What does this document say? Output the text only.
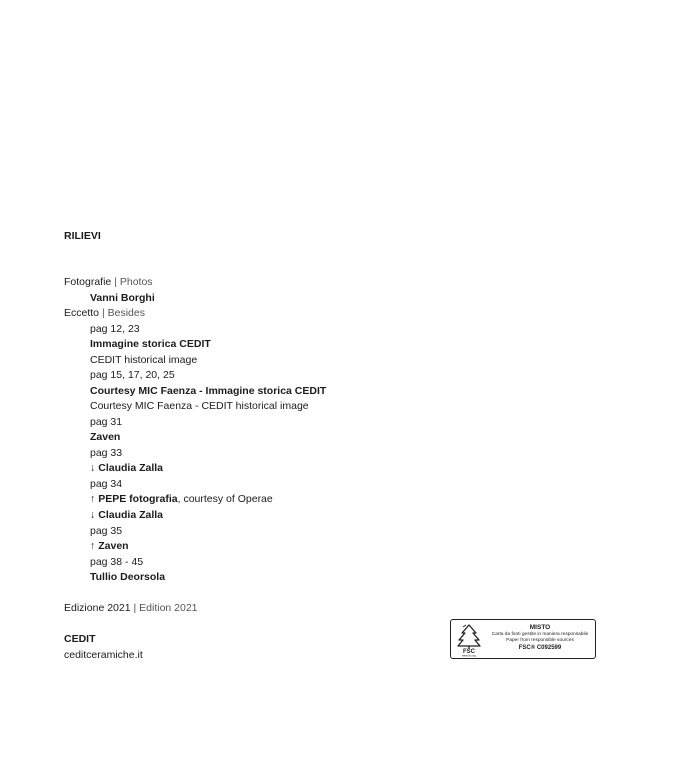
RILIEVI
Fotografie | Photos
Vanni Borghi
Eccetto | Besides
pag 12, 23
Immagine storica CEDIT
CEDIT historical image
pag 15, 17, 20, 25
Courtesy MIC Faenza - Immagine storica CEDIT
Courtesy MIC Faenza - CEDIT historical image
pag 31
Zaven
pag 33
↓ Claudia Zalla
pag 34
↑ PEPE fotografia, courtesy of Operae
↓ Claudia Zalla
pag 35
↑ Zaven
pag 38 - 45
Tullio Deorsola
Edizione 2021 | Edition 2021
CEDIT
ceditceramiche.it	FSC
www.fsc.org
MISTO
Carta da fonti gestite in maniera responsabile
Paper from responsible sources
FSC® C092599
